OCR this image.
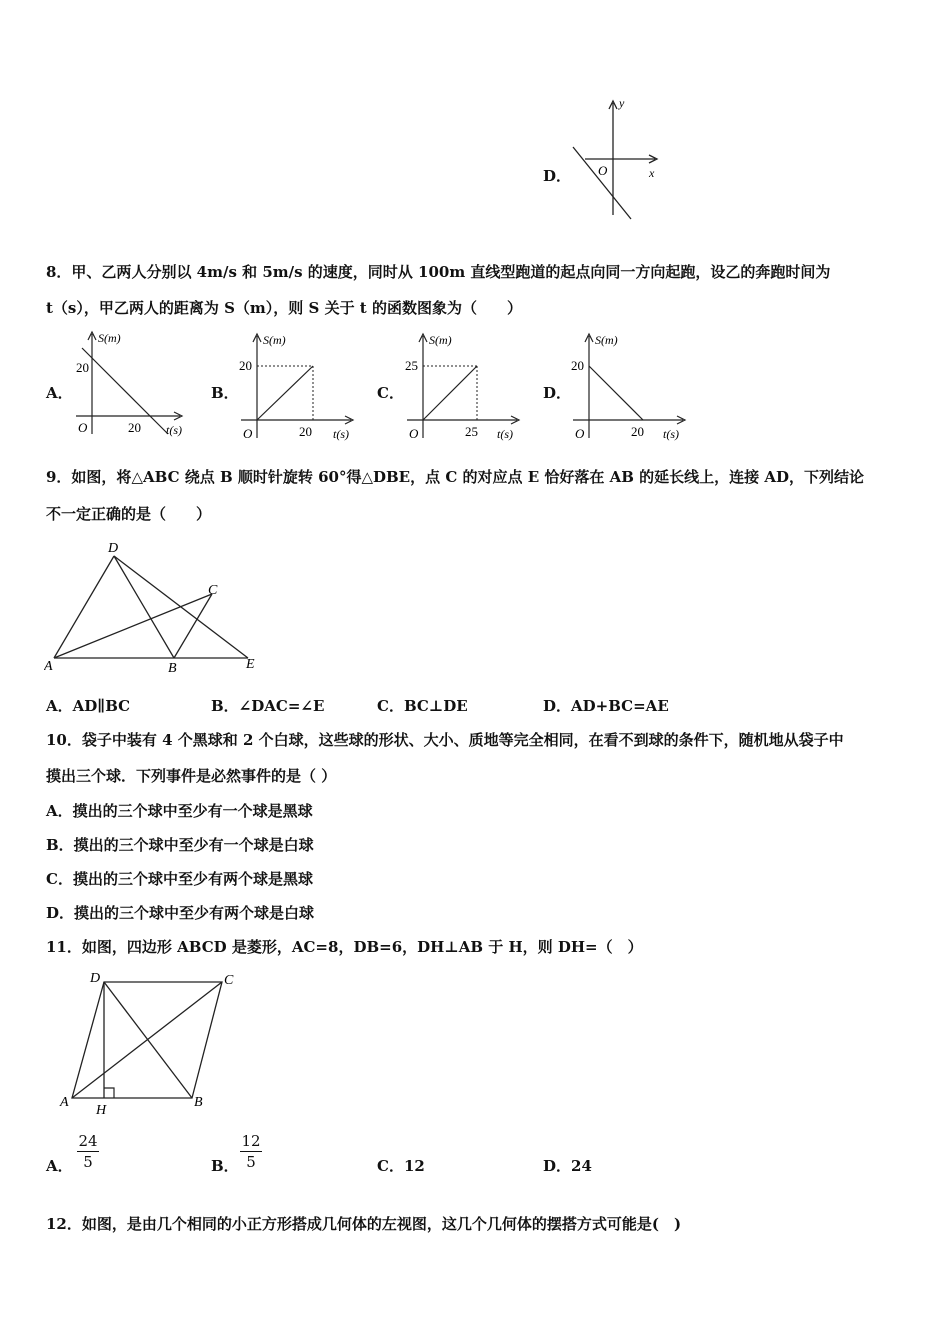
D．
y
x
O
8．甲、乙两人分别以 4m/s 和 5m/s 的速度，同时从 100m 直线型跑道的起点向同一方向起跑，设乙的奔跑时间为
t（s），甲乙两人的距离为 S（m），则 S 关于 t 的函数图象为（　　）
A．
S(m)
20
O	20 t(s)
B．
S(m)
20
O	20 t(s)
C．
S(m)
25
O	25 t(s)
D．
S(m)
20
O	20 t(s)
9．如图，将△ABC 绕点 B 顺时针旋转 60°得△DBE，点 C 的对应点 E 恰好落在 AB 的延长线上，连接 AD，下列结论
不一定正确的是（　　）
D
C
A	B	E
A．AD∥BC	B．∠DAC=∠E	C．BC⊥DE	D．AD+BC=AE
10．袋子中装有 4 个黑球和 2 个白球，这些球的形状、大小、质地等完全相同，在看不到球的条件下，随机地从袋子中
摸出三个球．下列事件是必然事件的是（ ）
A．摸出的三个球中至少有一个球是黑球
B．摸出的三个球中至少有一个球是白球
C．摸出的三个球中至少有两个球是黑球
D．摸出的三个球中至少有两个球是白球
11．如图，四边形 ABCD 是菱形，AC=8，DB=6，DH⊥AB 于 H，则 DH=（　）
D	C
A
H
B
A．
24
5	B．
12
5	C．12	D．24
12．如图，是由几个相同的小正方形搭成几何体的左视图，这几个几何体的摆搭方式可能是(　)
